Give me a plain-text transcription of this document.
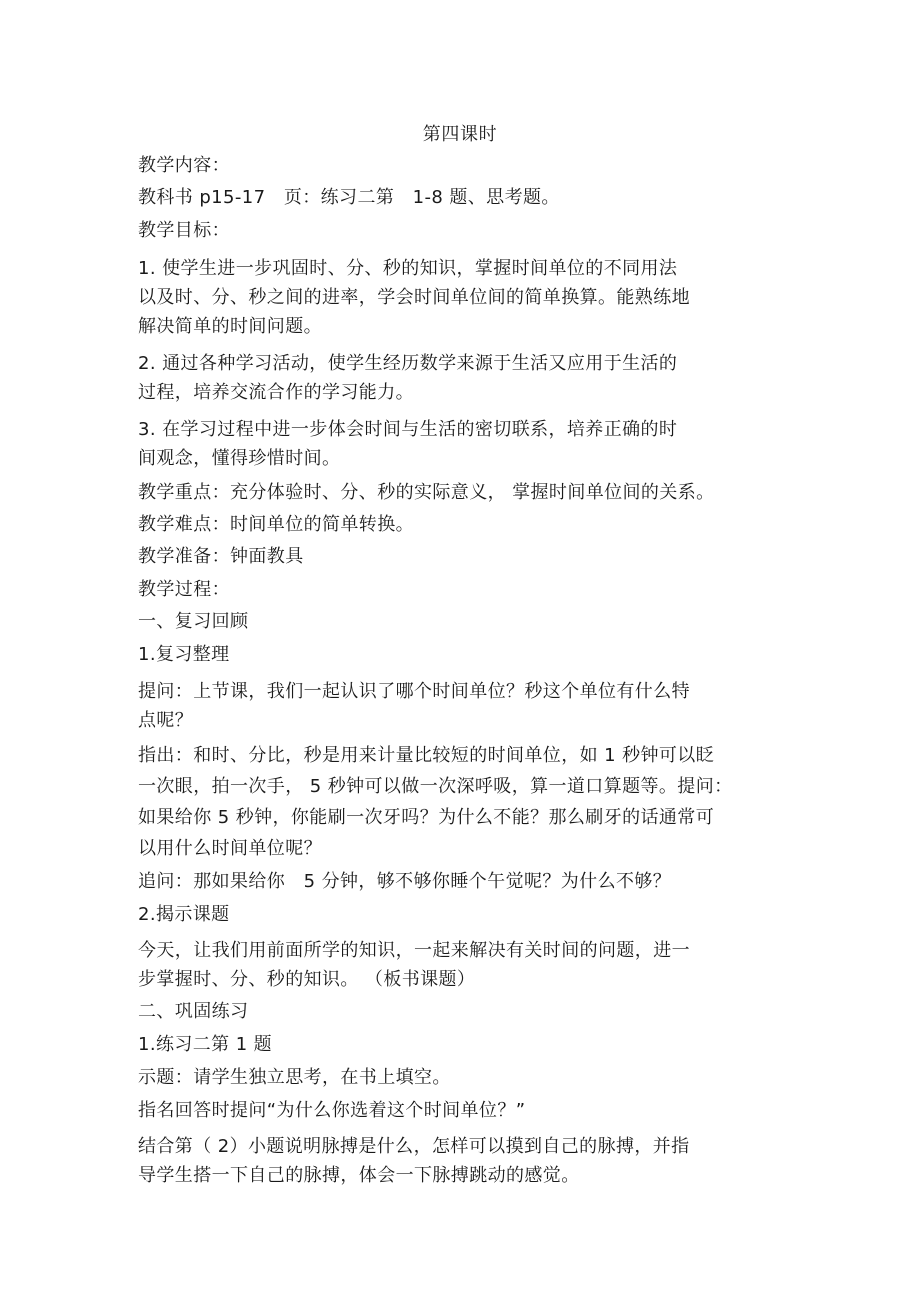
第四课时
教学内容：
教科书 p15-17　页：练习二第　1-8 题、思考题。
教学目标：
1. 使学生进一步巩固时、分、秒的知识，掌握时间单位的不同用法
以及时、分、秒之间的进率，学会时间单位间的简单换算。能熟练地
解决简单的时间问题。
2. 通过各种学习活动，使学生经历数学来源于生活又应用于生活的
过程，培养交流合作的学习能力。
3. 在学习过程中进一步体会时间与生活的密切联系，培养正确的时
间观念，懂得珍惜时间。
教学重点：充分体验时、分、秒的实际意义， 掌握时间单位间的关系。
教学难点：时间单位的简单转换。
教学准备：钟面教具
教学过程：
一、复习回顾
1.复习整理
提问：上节课，我们一起认识了哪个时间单位？秒这个单位有什么特
点呢？
指出：和时、分比，秒是用来计量比较短的时间单位，如 1 秒钟可以眨
一次眼，拍一次手， 5 秒钟可以做一次深呼吸，算一道口算题等。提问：
如果给你 5 秒钟，你能刷一次牙吗？为什么不能？那么刷牙的话通常可
以用什么时间单位呢？
追问：那如果给你　5 分钟，够不够你睡个午觉呢？为什么不够？
2.揭示课题
今天，让我们用前面所学的知识，一起来解决有关时间的问题，进一
步掌握时、分、秒的知识。 （板书课题）
二、巩固练习
1.练习二第 1 题
示题：请学生独立思考，在书上填空。
指名回答时提问“为什么你选着这个时间单位？”
结合第（ 2）小题说明脉搏是什么，怎样可以摸到自己的脉搏，并指
导学生搭一下自己的脉搏，体会一下脉搏跳动的感觉。
